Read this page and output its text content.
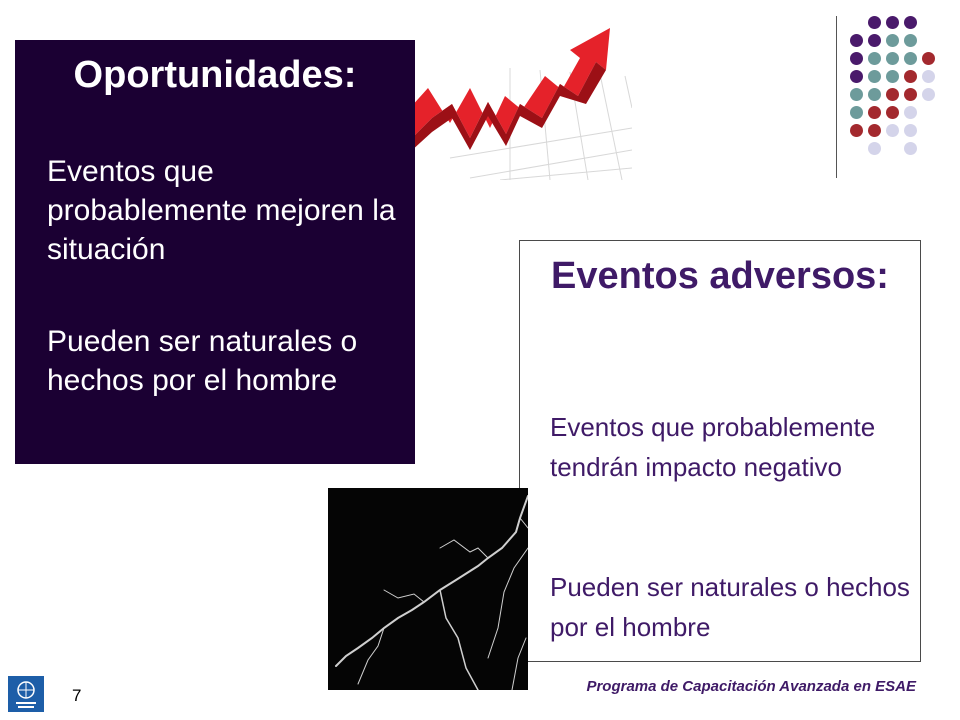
Oportunidades:

Eventos que probablemente mejoren la situación

Pueden ser naturales o hechos por el hombre

Eventos adversos:

Eventos que probablemente tendrán impacto negativo

Pueden ser naturales o hechos por el hombre

7	Programa de Capacitación Avanzada en ESAE
